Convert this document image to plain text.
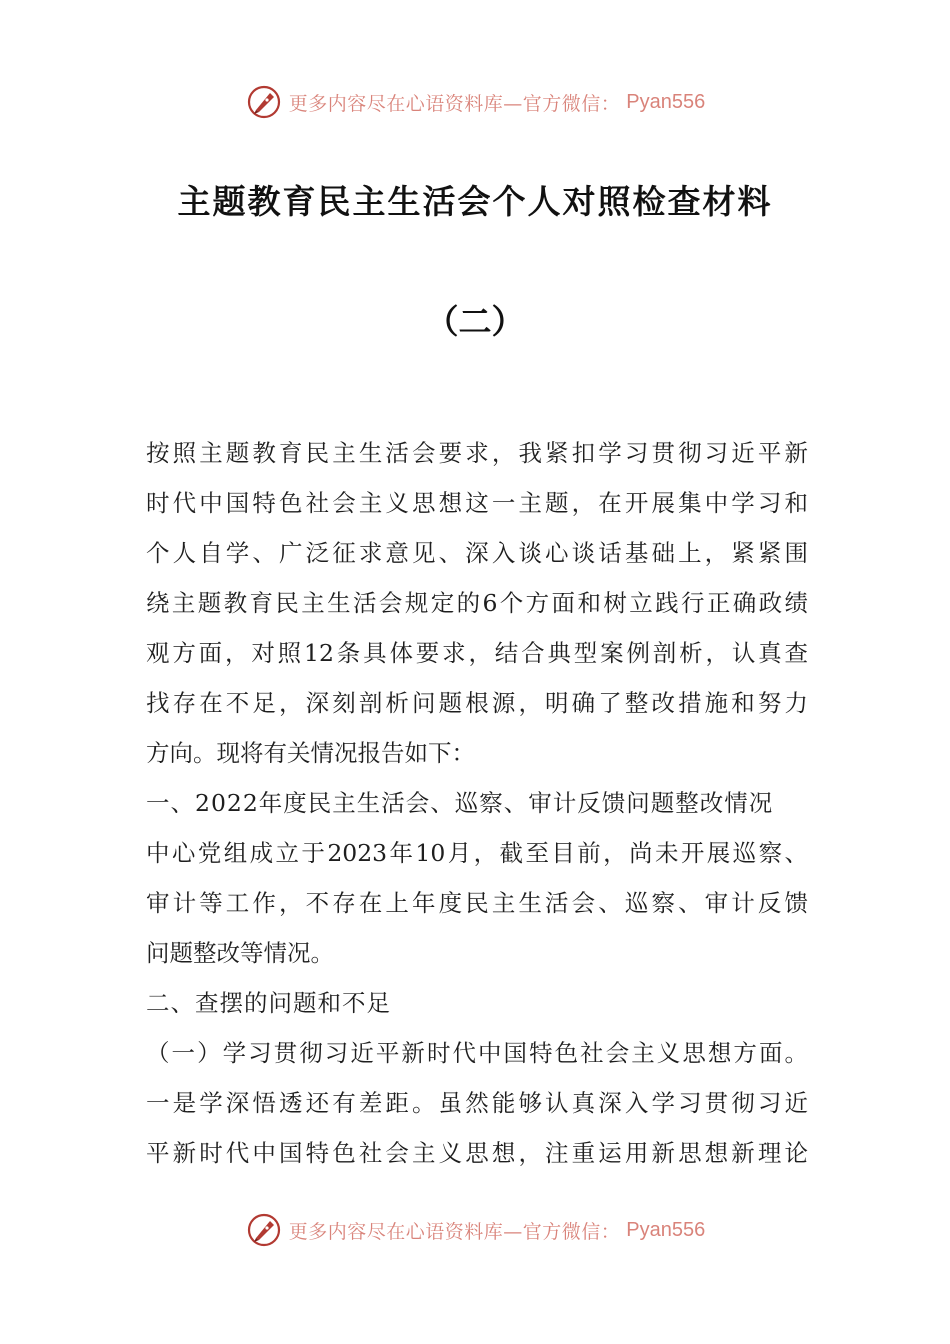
更多内容尽在心语资料库—官方微信： Pyan556
主题教育民主生活会个人对照检查材料
（二）

按照主题教育民主生活会要求，我紧扣学习贯彻习近平新

时代中国特色社会主义思想这一主题，在开展集中学习和

个人自学、广泛征求意见、深入谈心谈话基础上，紧紧围

绕主题教育民主生活会规定的6个方面和树立践行正确政绩

观方面，对照12条具体要求，结合典型案例剖析，认真查

找存在不足，深刻剖析问题根源，明确了整改措施和努力

方向。现将有关情况报告如下：

一、2022年度民主生活会、巡察、审计反馈问题整改情况

中心党组成立于2023年10月，截至目前，尚未开展巡察、

审计等工作，不存在上年度民主生活会、巡察、审计反馈

问题整改等情况。

二、查摆的问题和不足

（一）学习贯彻习近平新时代中国特色社会主义思想方面。

一是学深悟透还有差距。虽然能够认真深入学习贯彻习近

平新时代中国特色社会主义思想，注重运用新思想新理论

更多内容尽在心语资料库—官方微信： Pyan556
